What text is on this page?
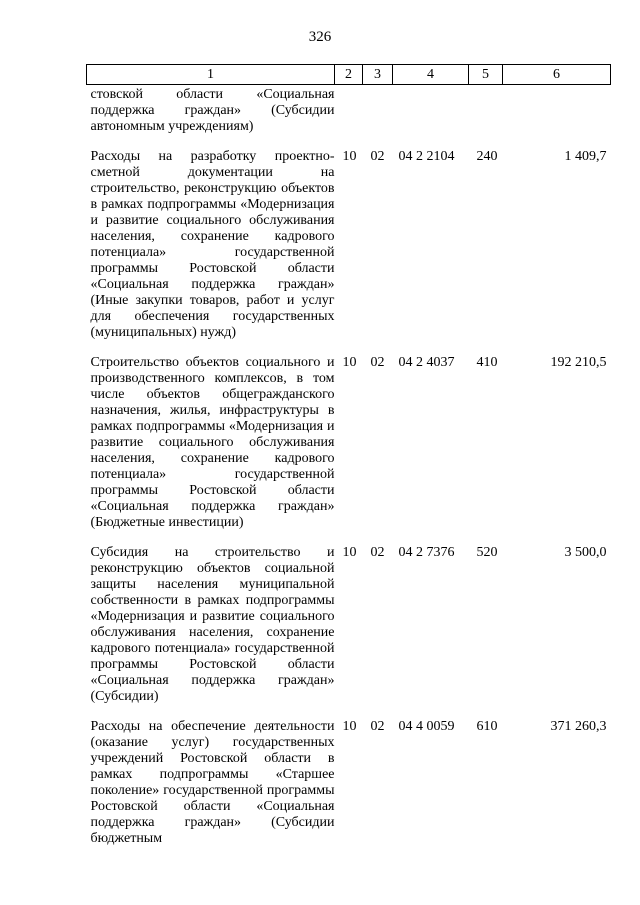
326
1	2	3	4	5	6
стовской области «Социальная поддержка граждан» (Субсидии автономным учреждениям)					
Расходы на разработку проектно-сметной документации на строительство, реконструкцию объектов в рамках подпрограммы «Модернизация и развитие социального обслуживания населения, сохранение кадрового потенциала» государственной программы Ростовской области «Социальная поддержка граждан» (Иные закупки товаров, работ и услуг для обеспечения государственных (муниципальных) нужд)	10	02	04 2 2104	240	1 409,7
Строительство объектов социального и производственного комплексов, в том числе объектов общегражданского назначения, жилья, инфраструктуры в рамках подпрограммы «Модернизация и развитие социального обслуживания населения, сохранение кадрового потенциала» государственной программы Ростовской области «Социальная поддержка граждан» (Бюджетные инвестиции)	10	02	04 2 4037	410	192 210,5
Субсидия на строительство и реконструкцию объектов социальной защиты населения муниципальной собственности в рамках подпрограммы «Модернизация и развитие социального обслуживания населения, сохранение кадрового потенциала» государственной программы Ростовской области «Социальная поддержка граждан» (Субсидии)	10	02	04 2 7376	520	3 500,0
Расходы на обеспечение деятельности (оказание услуг) государственных учреждений Ростовской области в рамках подпрограммы «Старшее поколение» государственной программы Ростовской области «Социальная поддержка граждан» (Субсидии бюджетным	10	02	04 4 0059	610	371 260,3
